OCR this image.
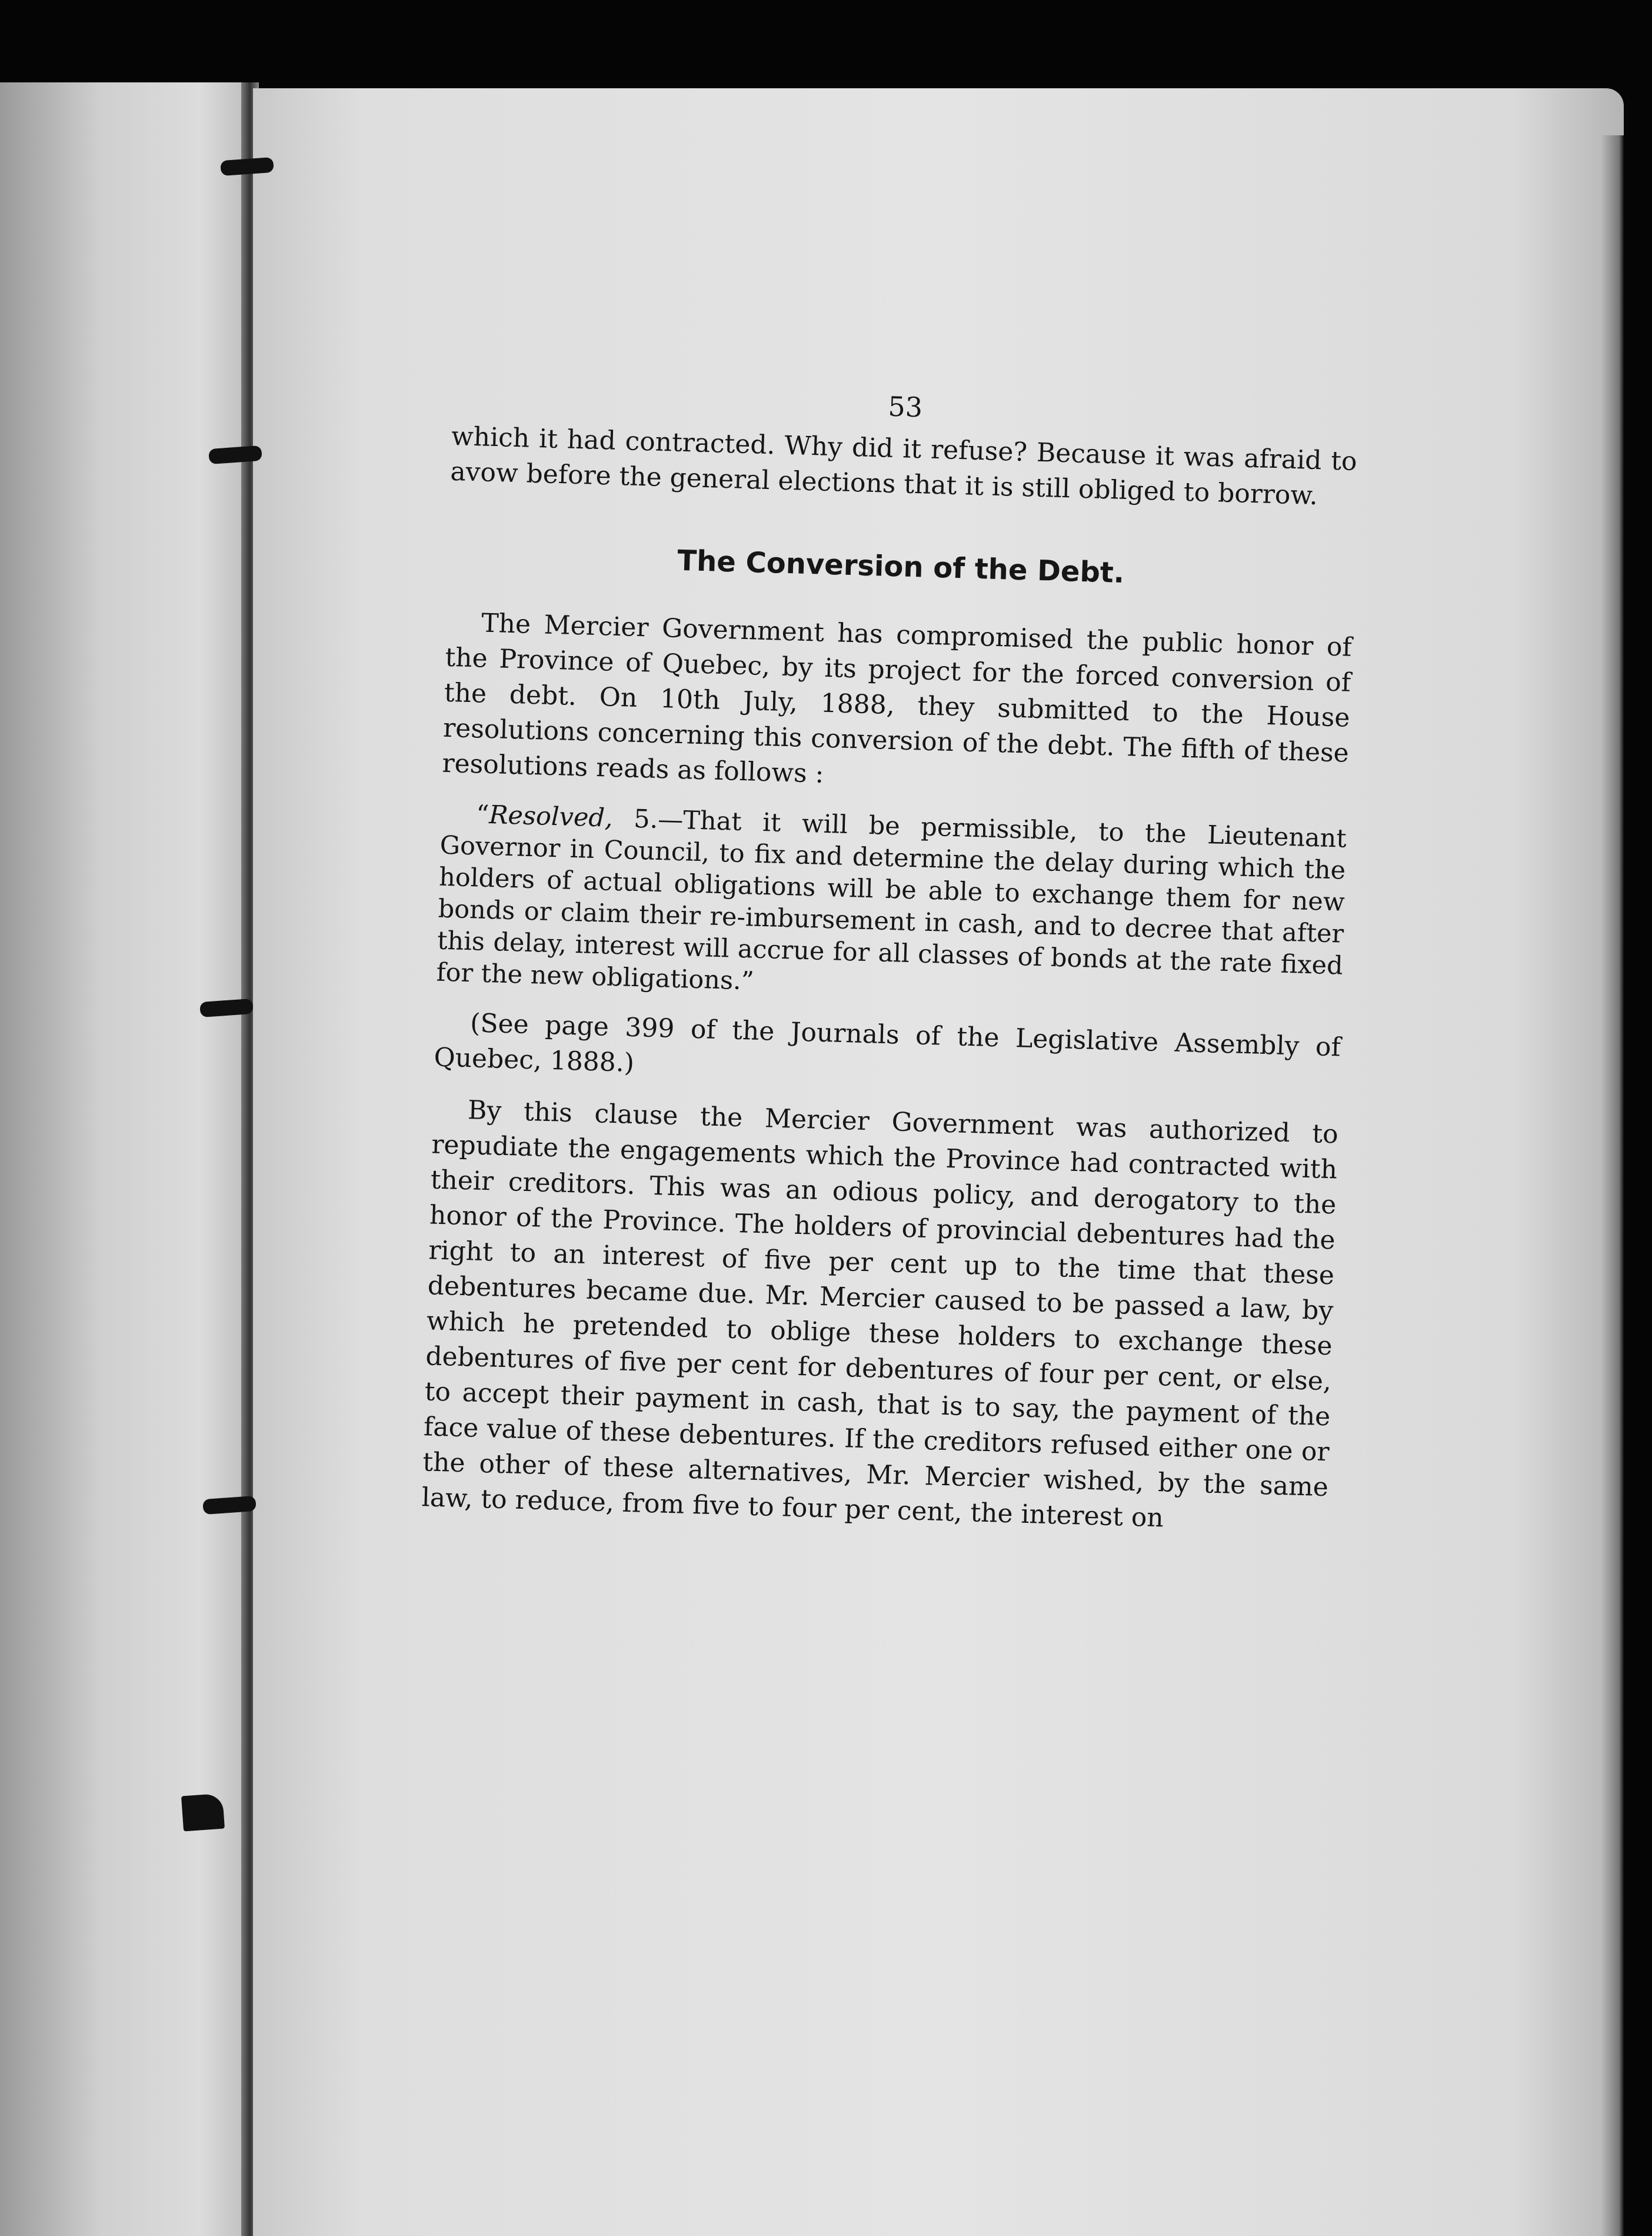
53

which it had contracted. Why did it refuse? Because it was afraid to avow before the general elections that it is still obliged to borrow.

The Conversion of the Debt.

The Mercier Government has compromised the public honor of the Province of Quebec, by its project for the forced conversion of the debt. On 10th July, 1888, they submitted to the House resolutions concerning this conversion of the debt. The fifth of these resolutions reads as follows :

“Resolved, 5.—That it will be permissible, to the Lieutenant Governor in Council, to fix and determine the delay during which the holders of actual obligations will be able to exchange them for new bonds or claim their re-imbursement in cash, and to decree that after this delay, interest will accrue for all classes of bonds at the rate fixed for the new obligations.”

(See page 399 of the Journals of the Legislative Assembly of Quebec, 1888.)

By this clause the Mercier Government was authorized to repudiate the engagements which the Province had contracted with their creditors. This was an odious policy, and derogatory to the honor of the Province. The holders of provincial debentures had the right to an interest of five per cent up to the time that these debentures became due. Mr. Mercier caused to be passed a law, by which he pretended to oblige these holders to exchange these debentures of five per cent for debentures of four per cent, or else, to accept their payment in cash, that is to say, the payment of the face value of these debentures. If the creditors refused either one or the other of these alternatives, Mr. Mercier wished, by the same law, to reduce, from five to four per cent, the interest on
